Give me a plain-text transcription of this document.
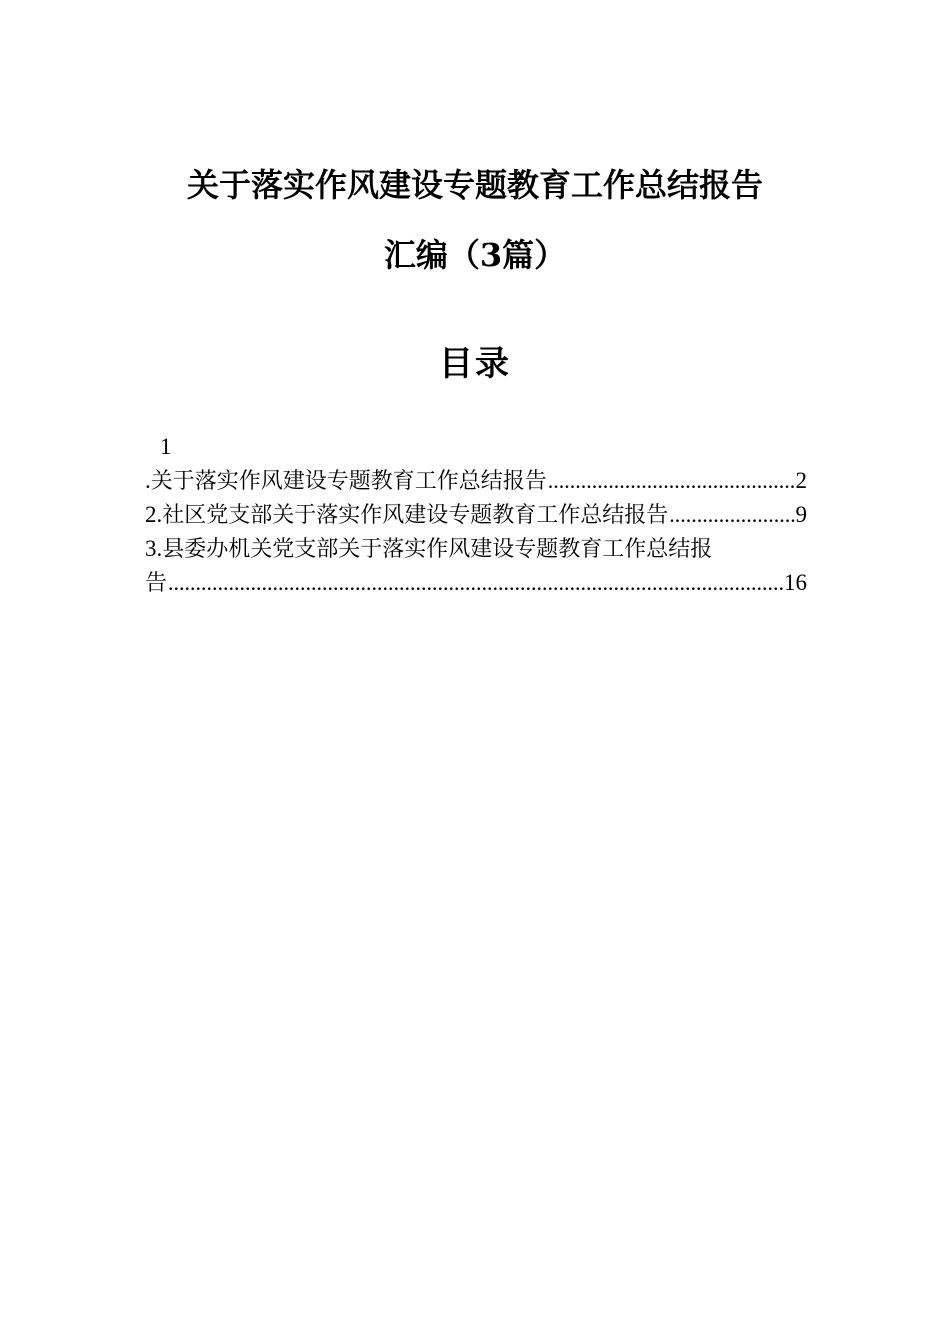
关于落实作风建设专题教育工作总结报告
汇编（3篇）
目录
1
.关于落实作风建设专题教育工作总结报告 .....	2
2.社区党支部关于落实作风建设专题教育工作总结报告 .....	9
3.县委办机关党支部关于落实作风建设专题教育工作总结报
告 .....	16
